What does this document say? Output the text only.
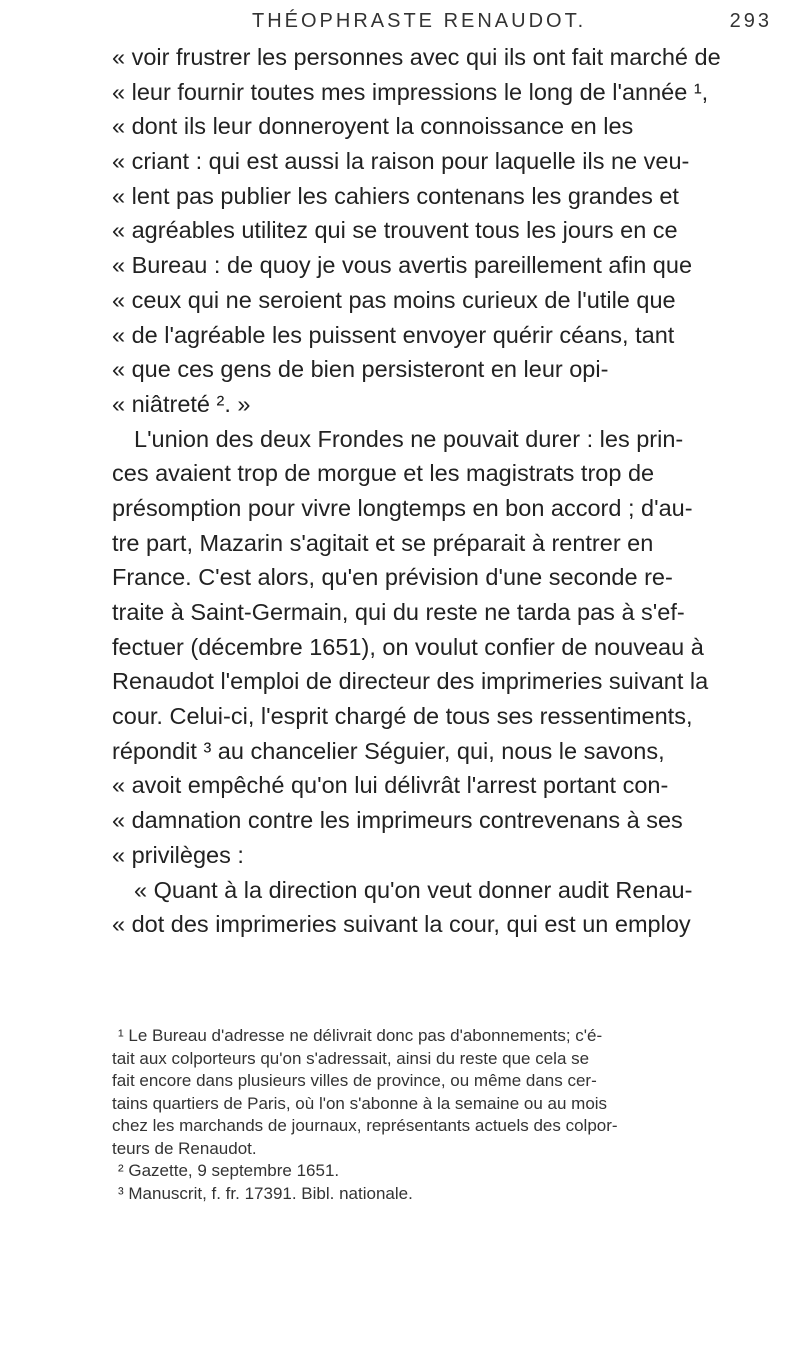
THÉOPHRASTE RENAUDOT.	293
« voir frustrer les personnes avec qui ils ont fait marché de
« leur fournir toutes mes impressions le long de l'année ¹,
« dont ils leur donneroyent la connoissance en les
« criant : qui est aussi la raison pour laquelle ils ne veu-
« lent pas publier les cahiers contenans les grandes et
« agréables utilitez qui se trouvent tous les jours en ce
« Bureau : de quoy je vous avertis pareillement afin que
« ceux qui ne seroient pas moins curieux de l'utile que
« de l'agréable les puissent envoyer quérir céans, tant
« que ces gens de bien persisteront en leur opi-
« niâtreté ². »
L'union des deux Frondes ne pouvait durer : les prin-
ces avaient trop de morgue et les magistrats trop de
présomption pour vivre longtemps en bon accord ; d'au-
tre part, Mazarin s'agitait et se préparait à rentrer en
France. C'est alors, qu'en prévision d'une seconde re-
traite à Saint-Germain, qui du reste ne tarda pas à s'ef-
fectuer (décembre 1651), on voulut confier de nouveau à
Renaudot l'emploi de directeur des imprimeries suivant la
cour. Celui-ci, l'esprit chargé de tous ses ressentiments,
répondit ³ au chancelier Séguier, qui, nous le savons,
« avoit empêché qu'on lui délivrât l'arrest portant con-
« damnation contre les imprimeurs contrevenans à ses
« privilèges :
« Quant à la direction qu'on veut donner audit Renau-
« dot des imprimeries suivant la cour, qui est un employ
¹ Le Bureau d'adresse ne délivrait donc pas d'abonnements; c'é-
tait aux colporteurs qu'on s'adressait, ainsi du reste que cela se
fait encore dans plusieurs villes de province, ou même dans cer-
tains quartiers de Paris, où l'on s'abonne à la semaine ou au mois
chez les marchands de journaux, représentants actuels des colpor-
teurs de Renaudot.
² Gazette, 9 septembre 1651.
³ Manuscrit, f. fr. 17391. Bibl. nationale.
